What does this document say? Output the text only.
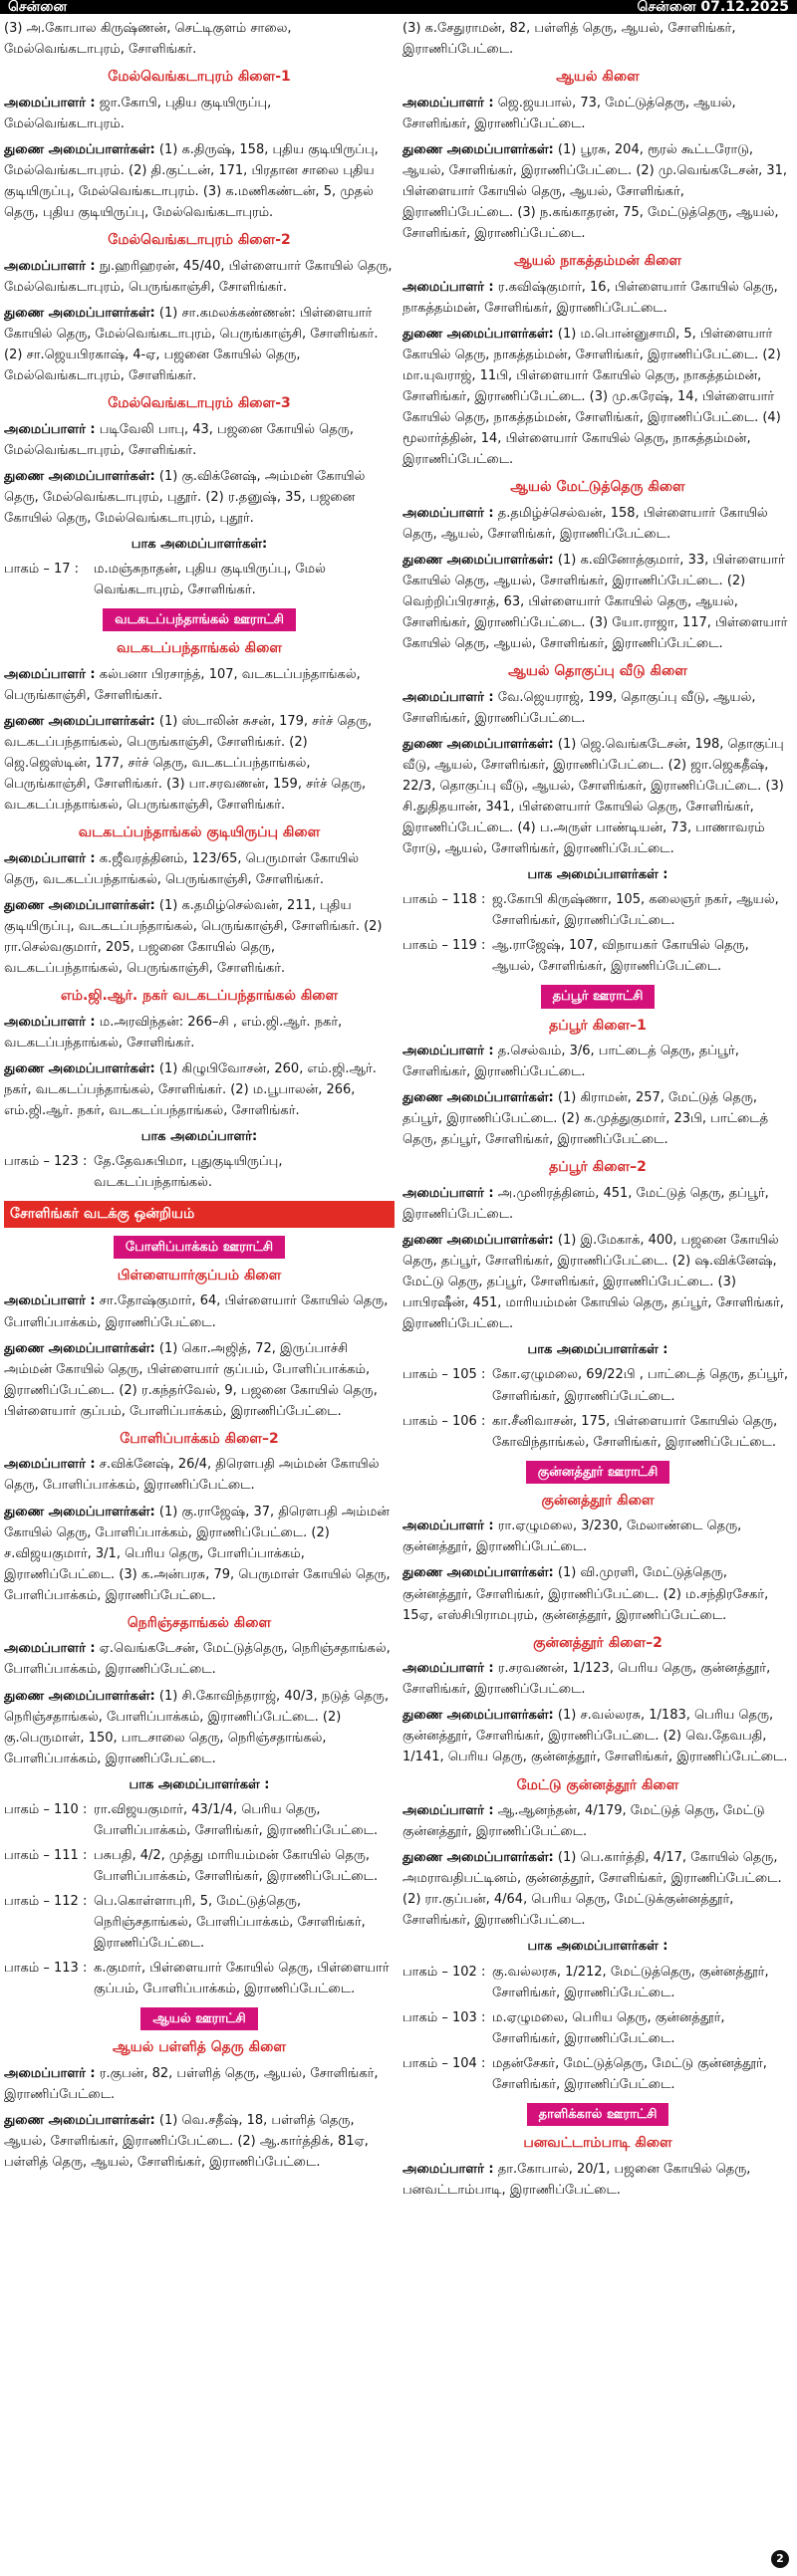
சென்னை	சென்னை 07.12.2025

(3) அ.கோபால கிருஷ்ணன், செட்டிகுளம் சாலை, மேல்வெங்கடாபுரம், சோளிங்கர்.

மேல்வெங்கடாபுரம் கிளை-1

அமைப்பாளர் : ஜா.கோபி, புதிய குடியிருப்பு, மேல்வெங்கடாபுரம்.

துணை அமைப்பாளர்கள்: (1) க.திருஷ், 158, புதிய குடியிருப்பு, மேல்வெங்கடாபுரம். (2) தி.குட்டன், 171, பிரதான சாலை புதிய குடியிருப்பு, மேல்வெங்கடாபுரம். (3) க.மணிகண்டன், 5, முதல் தெரு, புதிய குடியிருப்பு, மேல்வெங்கடாபுரம்.

மேல்வெங்கடாபுரம் கிளை-2

அமைப்பாளர் : நு.ஹரிஹரன், 45/40, பிள்ளையார் கோயில் தெரு, மேல்வெங்கடாபுரம், பெருங்காஞ்சி, சோளிங்கர்.

துணை அமைப்பாளர்கள்: (1) சா.கமலக்கண்ணன்: பிள்ளையார் கோயில் தெரு, மேல்வெங்கடாபுரம், பெருங்காஞ்சி, சோளிங்கர். (2) சா.ஜெயபிரகாஷ், 4-ஏ, பஜனை கோயில் தெரு, மேல்வெங்கடாபுரம், சோளிங்கர்.

மேல்வெங்கடாபுரம் கிளை-3

அமைப்பாளர் : படிவேலி பாபு, 43, பஜனை கோயில் தெரு, மேல்வெங்கடாபுரம், சோளிங்கர்.

துணை அமைப்பாளர்கள்: (1) கு.விக்னேஷ், அம்மன் கோயில் தெரு, மேல்வெங்கடாபுரம், புதூர். (2) ர.தனுஷ், 35, பஜனை கோயில் தெரு, மேல்வெங்கடாபுரம், புதூர்.

பாக அமைப்பாளர்கள்:
பாகம் – 17 :	ம.மஞ்சுநாதன், புதிய குடியிருப்பு, மேல் வெங்கடாபுரம், சோளிங்கர்.
வடகடப்பந்தாங்கல் ஊராட்சி
வடகடப்பந்தாங்கல் கிளை

அமைப்பாளர் : கல்பனா பிரசாந்த், 107, வடகடப்பந்தாங்கல், பெருங்காஞ்சி, சோளிங்கர்.

துணை அமைப்பாளர்கள்: (1) ஸ்டாலின் சுசன், 179, சர்ச் தெரு, வடகடப்பந்தாங்கல், பெருங்காஞ்சி, சோளிங்கர். (2) ஜெ.ஜெஸ்டின், 177, சர்ச் தெரு, வடகடப்பந்தாங்கல், பெருங்காஞ்சி, சோளிங்கர். (3) பா.சரவணன், 159, சர்ச் தெரு, வடகடப்பந்தாங்கல், பெருங்காஞ்சி, சோளிங்கர்.

வடகடப்பந்தாங்கல் குடியிருப்பு கிளை

அமைப்பாளர் : க.ஜீவரத்தினம், 123/65, பெருமாள் கோயில் தெரு, வடகடப்பந்தாங்கல், பெருங்காஞ்சி, சோளிங்கர்.

துணை அமைப்பாளர்கள்: (1) க.தமிழ்செல்வன், 211, புதிய குடியிருப்பு, வடகடப்பந்தாங்கல், பெருங்காஞ்சி, சோளிங்கர். (2) ரா.செல்வகுமார், 205, பஜனை கோயில் தெரு, வடகடப்பந்தாங்கல், பெருங்காஞ்சி, சோளிங்கர்.

எம்.ஜி.ஆர். நகர் வடகடப்பந்தாங்கல் கிளை

அமைப்பாளர் : ம.அரவிந்தன்: 266–சி , எம்.ஜி.ஆர். நகர், வடகடப்பந்தாங்கல், சோளிங்கர்.

துணை அமைப்பாளர்கள்: (1) கிழுபிவோசன், 260, எம்.ஜி.ஆர். நகர், வடகடப்பந்தாங்கல், சோளிங்கர். (2) ம.பூபாலன், 266, எம்.ஜி.ஆர். நகர், வடகடப்பந்தாங்கல், சோளிங்கர்.

பாக அமைப்பாளர்:
பாகம் – 123 : தே.தேவசுபிமா, புதுகுடியிருப்பு, வடகடப்பந்தாங்கல்.
சோளிங்கர் வடக்கு ஒன்றியம்
போளிப்பாக்கம் ஊராட்சி
பிள்ளையார்குப்பம் கிளை

அமைப்பாளர் : சா.தோஷ்குமார், 64, பிள்ளையார் கோயில் தெரு, போளிப்பாக்கம், இராணிப்பேட்டை.

துணை அமைப்பாளர்கள்: (1) கொ.அஜித், 72, இருப்பாச்சி அம்மன் கோயில் தெரு, பிள்ளையார் குப்பம், போளிப்பாக்கம், இராணிப்பேட்டை. (2) ர.கந்தர்வேல், 9, பஜனை கோயில் தெரு, பிள்ளையார் குப்பம், போளிப்பாக்கம், இராணிப்பேட்டை.

போளிப்பாக்கம் கிளை–2

அமைப்பாளர் : ச.விக்னேஷ், 26/4, திரௌபதி அம்மன் கோயில் தெரு, போளிப்பாக்கம், இராணிப்பேட்டை.

துணை அமைப்பாளர்கள்: (1) கு.ராஜேஷ், 37, திரௌபதி அம்மன் கோயில் தெரு, போளிப்பாக்கம், இராணிப்பேட்டை. (2) ச.விஜயகுமார், 3/1, பெரிய தெரு, போளிப்பாக்கம், இராணிப்பேட்டை. (3) க.அன்பரசு, 79, பெருமாள் கோயில் தெரு, போளிப்பாக்கம், இராணிப்பேட்டை.

நெரிஞ்சதாங்கல் கிளை

அமைப்பாளர் : ஏ.வெங்கடேசன், மேட்டுத்தெரு, நெரிஞ்சதாங்கல், போளிப்பாக்கம், இராணிப்பேட்டை.

துணை அமைப்பாளர்கள்: (1) சி.கோவிந்தராஜ், 40/3, நடுத் தெரு, நெரிஞ்சதாங்கல், போளிப்பாக்கம், இராணிப்பேட்டை. (2) கு.பெருமாள், 150, பாடசாலை தெரு, நெரிஞ்சதாங்கல், போளிப்பாக்கம், இராணிப்பேட்டை.

பாக அமைப்பாளர்கள் :
பாகம் – 110 : ரா.விஜயகுமார், 43/1/4, பெரிய தெரு, போளிப்பாக்கம், சோளிங்கர், இராணிப்பேட்டை.
பாகம் – 111 : பசுபதி, 4/2, முத்து மாரியம்மன் கோயில் தெரு, போளிப்பாக்கம், சோளிங்கர், இராணிப்பேட்டை.
பாகம் – 112 : பெ.கொள்ளாபுரி, 5, மேட்டுத்தெரு, நெரிஞ்சதாங்கல், போளிப்பாக்கம், சோளிங்கர், இராணிப்பேட்டை.
பாகம் – 113 : க.குமார், பிள்ளையார் கோயில் தெரு, பிள்ளையார் குப்பம், போளிப்பாக்கம், இராணிப்பேட்டை.
ஆயல் ஊராட்சி
ஆயல் பள்ளித் தெரு கிளை

அமைப்பாளர் : ர.குபன், 82, பள்ளித் தெரு, ஆயல், சோளிங்கர், இராணிப்பேட்டை.

துணை அமைப்பாளர்கள்: (1) வெ.சதீஷ், 18, பள்ளித் தெரு, ஆயல், சோளிங்கர், இராணிப்பேட்டை. (2) ஆ.கார்த்திக், 81ஏ, பள்ளித் தெரு, ஆயல், சோளிங்கர், இராணிப்பேட்டை.

(3) க.சேதுராமன், 82, பள்ளித் தெரு, ஆயல், சோளிங்கர், இராணிப்பேட்டை.

ஆயல் கிளை

அமைப்பாளர் : ஜெ.ஜயபால், 73, மேட்டுத்தெரு, ஆயல், சோளிங்கர், இராணிப்பேட்டை.

துணை அமைப்பாளர்கள்: (1) பூரசு, 204, ரூரல் கூட்டரோடு, ஆயல், சோளிங்கர், இராணிப்பேட்டை. (2) மு.வெங்கடேசன், 31, பிள்ளையார் கோயில் தெரு, ஆயல், சோளிங்கர், இராணிப்பேட்டை. (3) ந.கங்காதரன், 75, மேட்டுத்தெரு, ஆயல், சோளிங்கர், இராணிப்பேட்டை.

ஆயல் நாகத்தம்மன் கிளை

அமைப்பாளர் : ர.கவிஷ்குமார், 16, பிள்ளையார் கோயில் தெரு, நாகத்தம்மன், சோளிங்கர், இராணிப்பேட்டை.

துணை அமைப்பாளர்கள்: (1) ம.பொன்னுசாமி, 5, பிள்ளையார் கோயில் தெரு, நாகத்தம்மன், சோளிங்கர், இராணிப்பேட்டை. (2) மா.யுவராஜ், 11பி, பிள்ளையார் கோயில் தெரு, நாகத்தம்மன், சோளிங்கர், இராணிப்பேட்டை. (3) மு.சுரேஷ், 14, பிள்ளையார் கோயில் தெரு, நாகத்தம்மன், சோளிங்கர், இராணிப்பேட்டை. (4) மூலார்த்தின், 14, பிள்ளையார் கோயில் தெரு, நாகத்தம்மன், இராணிப்பேட்டை.

ஆயல் மேட்டுத்தெரு கிளை

அமைப்பாளர் : த.தமிழ்ச்செல்வன், 158, பிள்ளையார் கோயில் தெரு, ஆயல், சோளிங்கர், இராணிப்பேட்டை.

துணை அமைப்பாளர்கள்: (1) க.வினோத்குமார், 33, பிள்ளையார் கோயில் தெரு, ஆயல், சோளிங்கர், இராணிப்பேட்டை. (2) வெற்றிப்பிரசாத், 63, பிள்ளையார் கோயில் தெரு, ஆயல், சோளிங்கர், இராணிப்பேட்டை. (3) யோ.ராஜா, 117, பிள்ளையார் கோயில் தெரு, ஆயல், சோளிங்கர், இராணிப்பேட்டை.

ஆயல் தொகுப்பு வீடு கிளை

அமைப்பாளர் : வே.ஜெயராஜ், 199, தொகுப்பு வீடு, ஆயல், சோளிங்கர், இராணிப்பேட்டை.

துணை அமைப்பாளர்கள்: (1) ஜெ.வெங்கடேசன், 198, தொகுப்பு வீடு, ஆயல், சோளிங்கர், இராணிப்பேட்டை. (2) ஜா.ஜெகதீஷ், 22/3, தொகுப்பு வீடு, ஆயல், சோளிங்கர், இராணிப்பேட்டை. (3) சி.துதிதயான், 341, பிள்ளையார் கோயில் தெரு, சோளிங்கர், இராணிப்பேட்டை. (4) ப.அருள் பாண்டியன், 73, பாணாவரம் ரோடு, ஆயல், சோளிங்கர், இராணிப்பேட்டை.

பாக அமைப்பாளர்கள் :
பாகம் – 118 : ஜ.கோபி கிருஷ்ணா, 105, கலைஞர் நகர், ஆயல், சோளிங்கர், இராணிப்பேட்டை.
பாகம் – 119 : ஆ.ராஜேஷ், 107, விநாயகர் கோயில் தெரு, ஆயல், சோளிங்கர், இராணிப்பேட்டை.
தப்பூர் ஊராட்சி
தப்பூர் கிளை–1

அமைப்பாளர் : த.செல்வம், 3/6, பாட்டைத் தெரு, தப்பூர், சோளிங்கர், இராணிப்பேட்டை.

துணை அமைப்பாளர்கள்: (1) கிராமன், 257, மேட்டுத் தெரு, தப்பூர், இராணிப்பேட்டை. (2) க.முத்துகுமார், 23பி, பாட்டைத் தெரு, தப்பூர், சோளிங்கர், இராணிப்பேட்டை.

தப்பூர் கிளை–2

அமைப்பாளர் : அ.முனிரத்தினம், 451, மேட்டுத் தெரு, தப்பூர், இராணிப்பேட்டை.

துணை அமைப்பாளர்கள்: (1) இ.மேகாக், 400, பஜனை கோயில் தெரு, தப்பூர், சோளிங்கர், இராணிப்பேட்டை. (2) ஷ.விக்னேஷ், மேட்டு தெரு, தப்பூர், சோளிங்கர், இராணிப்பேட்டை. (3) பாபிரஷீன், 451, மாரியம்மன் கோயில் தெரு, தப்பூர், சோளிங்கர், இராணிப்பேட்டை.

பாக அமைப்பாளர்கள் :
பாகம் – 105 : கோ.ஏழுமலை, 69/22பி , பாட்டைத் தெரு, தப்பூர், சோளிங்கர், இராணிப்பேட்டை.
பாகம் – 106 : கா.சீனிவாசன், 175, பிள்ளையார் கோயில் தெரு, கோவிந்தாங்கல், சோளிங்கர், இராணிப்பேட்டை.
குன்னத்தூர் ஊராட்சி
குன்னத்தூர் கிளை

அமைப்பாளர் : ரா.ஏழுமலை, 3/230, மேலாண்டை தெரு, குன்னத்தூர், இராணிப்பேட்டை.

துணை அமைப்பாளர்கள்: (1) வி.முரளி, மேட்டுத்தெரு, குன்னத்தூர், சோளிங்கர், இராணிப்பேட்டை. (2) ம.சந்திரசேகர், 15ஏ, எஸ்சிபிராமபுரம், குன்னத்தூர், இராணிப்பேட்டை.

குன்னத்தூர் கிளை–2

அமைப்பாளர் : ர.சரவணன், 1/123, பெரிய தெரு, குன்னத்தூர், சோளிங்கர், இராணிப்பேட்டை.

துணை அமைப்பாளர்கள்: (1) ச.வல்லரசு, 1/183, பெரிய தெரு, குன்னத்தூர், சோளிங்கர், இராணிப்பேட்டை. (2) வெ.தேவபதி, 1/141, பெரிய தெரு, குன்னத்தூர், சோளிங்கர், இராணிப்பேட்டை.

மேட்டு குன்னத்தூர் கிளை

அமைப்பாளர் : ஆ.ஆனந்தன், 4/179, மேட்டுத் தெரு, மேட்டு குன்னத்தூர், இராணிப்பேட்டை.

துணை அமைப்பாளர்கள்: (1) பெ.கார்த்தி, 4/17, கோயில் தெரு, அமராவதிபட்டினம், குன்னத்தூர், சோளிங்கர், இராணிப்பேட்டை. (2) ரா.குப்பன், 4/64, பெரிய தெரு, மேட்டுக்குன்னத்தூர், சோளிங்கர், இராணிப்பேட்டை.

பாக அமைப்பாளர்கள் :
பாகம் – 102 : கு.வல்லரசு, 1/212, மேட்டுத்தெரு, குன்னத்தூர், சோளிங்கர், இராணிப்பேட்டை.
பாகம் – 103 : ம.ஏழுமலை, பெரிய தெரு, குன்னத்தூர், சோளிங்கர், இராணிப்பேட்டை.
பாகம் – 104 : மதன்சேகர், மேட்டுத்தெரு, மேட்டு குன்னத்தூர், சோளிங்கர், இராணிப்பேட்டை.
தாளிக்கால் ஊராட்சி
பனவட்டாம்பாடி கிளை

அமைப்பாளர் : தா.கோபால், 20/1, பஜனை கோயில் தெரு, பனவட்டாம்பாடி, இராணிப்பேட்டை.

2
